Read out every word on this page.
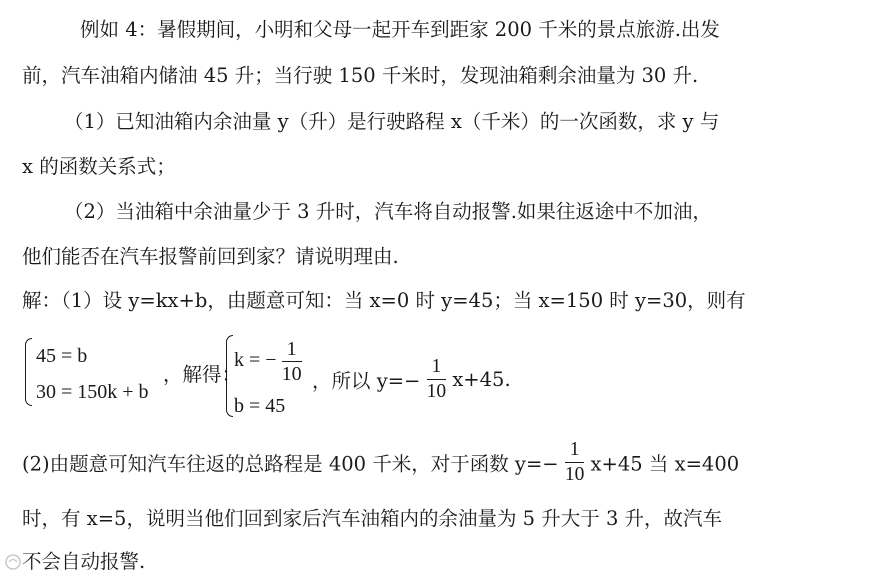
例如 4：暑假期间，小明和父母一起开车到距家 200 千米的景点旅游.出发
前，汽车油箱内储油 45 升；当行驶 150 千米时，发现油箱剩余油量为 30 升.
（1）已知油箱内余油量 y（升）是行驶路程 x（千米）的一次函数，求 y 与
x 的函数关系式；
（2）当油箱中余油量少于 3 升时，汽车将自动报警.如果往返途中不加油，
他们能否在汽车报警前回到家？请说明理由.
解：（1）设 y=kx+b，由题意可知：当 x=0 时 y=45；当 x=150 时 y=30，则有
45 = b
30 = 150k + b
，解得：
k = − $\frac{1}{10}$
b = 45
，所以 $y=- \frac{1}{10} x+45$.
(2)由题意可知汽车往返的总路程是 400 千米，对于函数 $y=- \frac{1}{10} x+45$ 当 x=400
时，有 x=5，说明当他们回到家后汽车油箱内的余油量为 5 升大于 3 升，故汽车
不会自动报警.
